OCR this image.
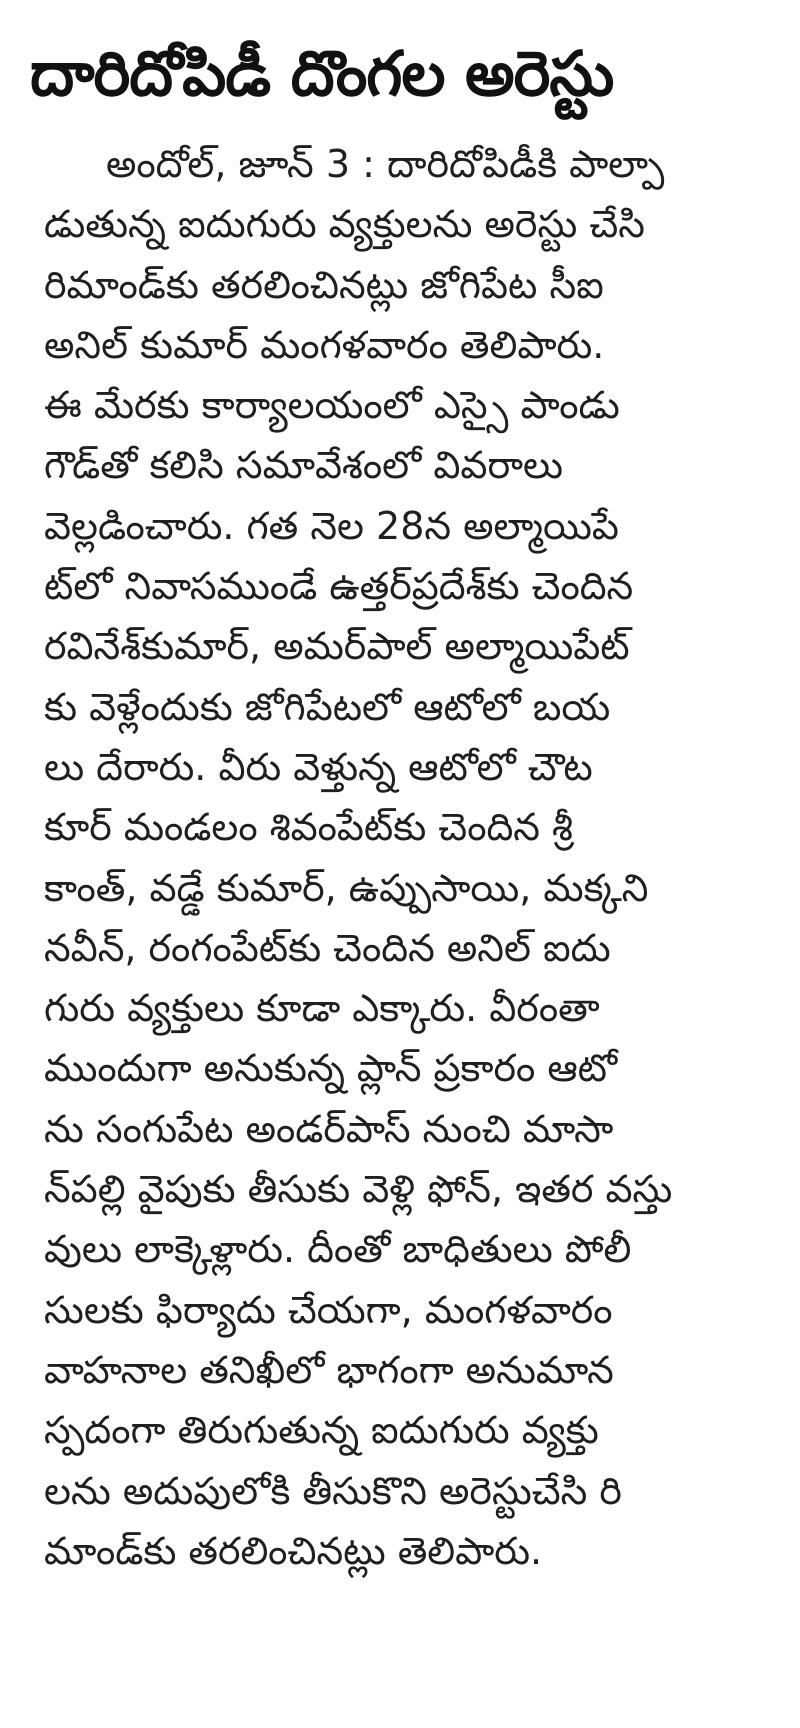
దారిదోపిడీ దొంగల అరెస్టు
అందోల్, జూన్ 3 : దారిదోపిడీకి పాల్పా
డుతున్న ఐదుగురు వ్యక్తులను అరెస్టు చేసి
రిమాండ్‌కు తరలించినట్లు జోగిపేట సీఐ
అనిల్ కుమార్ మంగళవారం తెలిపారు.
ఈ మేరకు కార్యాలయంలో ఎస్సై పాండు
గౌడ్‌తో కలిసి సమావేశంలో వివరాలు
వెల్లడించారు. గత నెల 28న అల్మాయిపే
ట్‌లో నివాసముండే ఉత్తర్‌ప్రదేశ్‌కు చెందిన
రవినేశ్‌కుమార్, అమర్‌పాల్ అల్మాయిపేట్
కు వెళ్లేందుకు జోగిపేటలో ఆటోలో బయ
లు దేరారు. వీరు వెళ్తున్న ఆటోలో చౌట
కూర్ మండలం శివంపేట్‌కు చెందిన శ్రీ
కాంత్, వడ్డే కుమార్, ఉప్పుసాయి, మక్కని
నవీన్, రంగంపేట్‌కు చెందిన అనిల్ ఐదు
గురు వ్యక్తులు కూడా ఎక్కారు. వీరంతా
ముందుగా అనుకున్న ప్లాన్ ప్రకారం ఆటో
ను సంగుపేట అండర్‌పాస్ నుంచి మాసా
న్‌పల్లి వైపుకు తీసుకు వెళ్లి ఫోన్, ఇతర వస్తు
వులు లాక్కెళ్లారు. దీంతో బాధితులు పోలీ
సులకు ఫిర్యాదు చేయగా, మంగళవారం
వాహనాల తనిఖీలో భాగంగా అనుమాన
స్పదంగా తిరుగుతున్న ఐదుగురు వ్యక్తు
లను అదుపులోకి తీసుకొని అరెస్టుచేసి రి
మాండ్‌కు తరలించినట్లు తెలిపారు.
